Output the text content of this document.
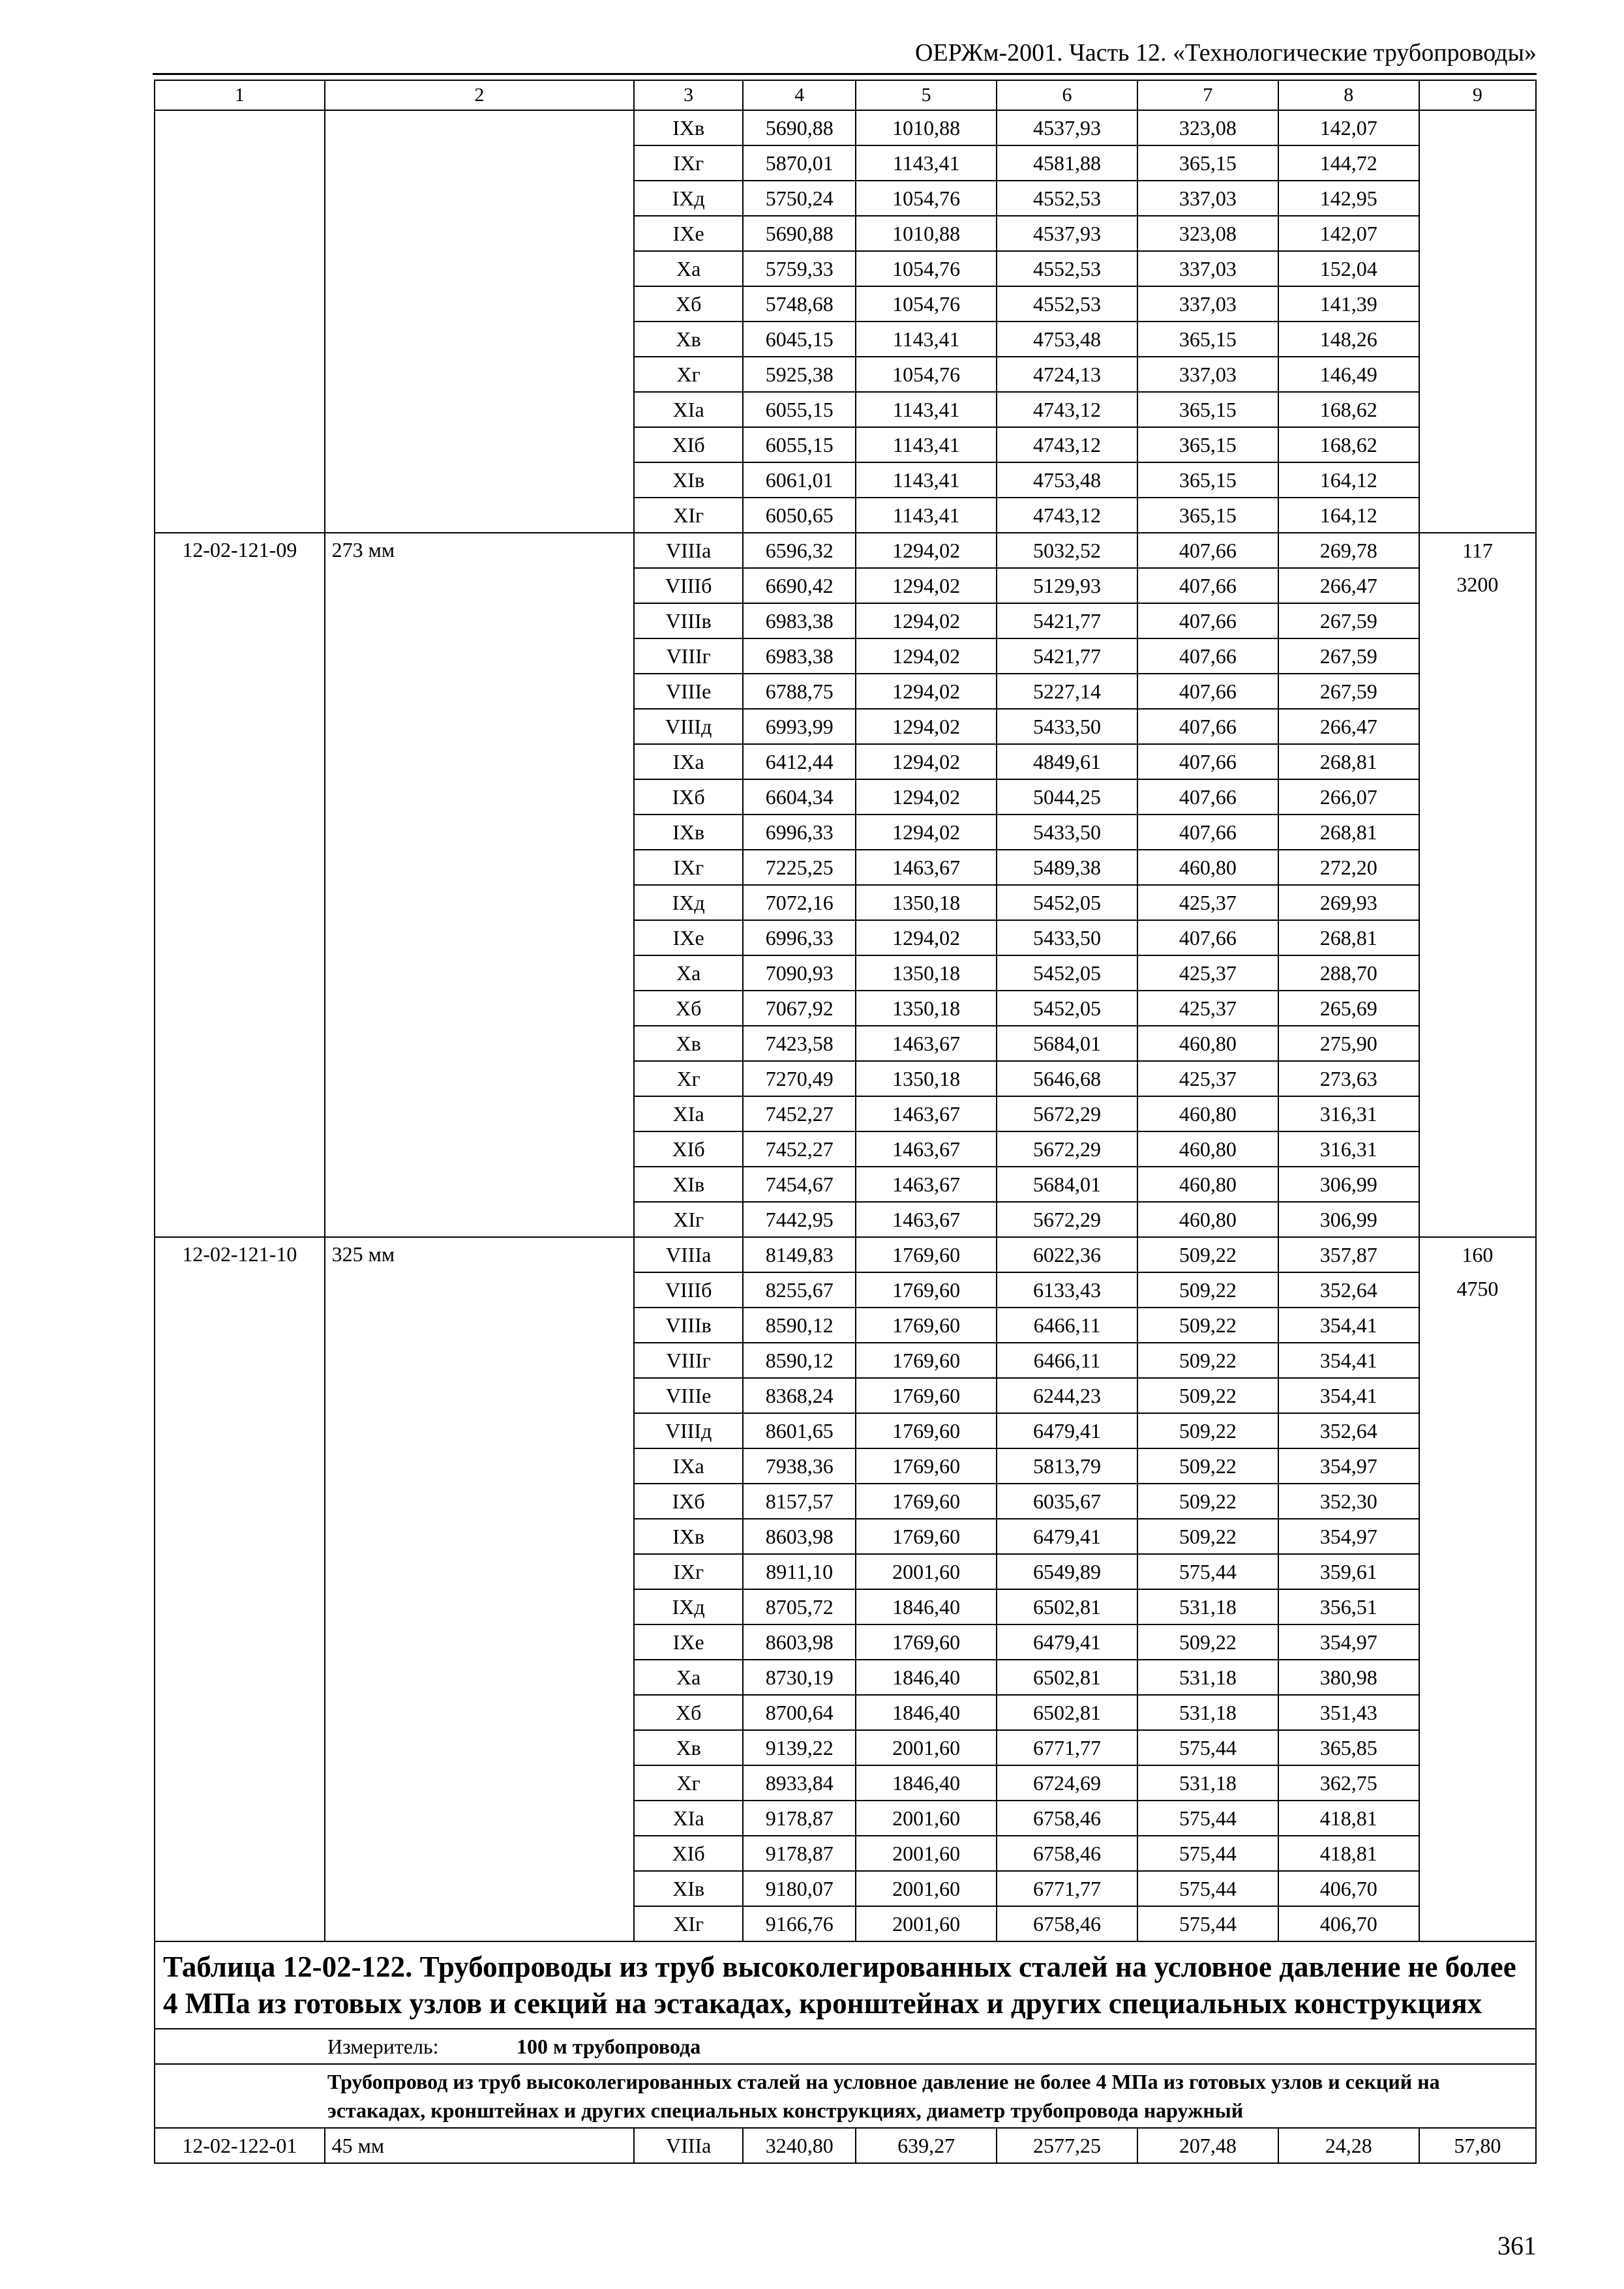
ОЕРЖм-2001. Часть 12. «Технологические трубопроводы»
1	2	3	4	5	6	7	8	9
		IXв	5690,88	1010,88	4537,93	323,08	142,07	
		IXг	5870,01	1143,41	4581,88	365,15	144,72	
		IXд	5750,24	1054,76	4552,53	337,03	142,95	
		IXе	5690,88	1010,88	4537,93	323,08	142,07	
		Xа	5759,33	1054,76	4552,53	337,03	152,04	
		Xб	5748,68	1054,76	4552,53	337,03	141,39	
		Xв	6045,15	1143,41	4753,48	365,15	148,26	
		Xг	5925,38	1054,76	4724,13	337,03	146,49	
		XIа	6055,15	1143,41	4743,12	365,15	168,62	
		XIб	6055,15	1143,41	4743,12	365,15	168,62	
		XIв	6061,01	1143,41	4753,48	365,15	164,12	
		XIг	6050,65	1143,41	4743,12	365,15	164,12	
12-02-121-09	273 мм	VIIIа	6596,32	1294,02	5032,52	407,66	269,78	117
3200

		VIIIб	6690,42	1294,02	5129,93	407,66	266,47	
		VIIIв	6983,38	1294,02	5421,77	407,66	267,59	
		VIIIг	6983,38	1294,02	5421,77	407,66	267,59	
		VIIIе	6788,75	1294,02	5227,14	407,66	267,59	
		VIIIд	6993,99	1294,02	5433,50	407,66	266,47	
		IXа	6412,44	1294,02	4849,61	407,66	268,81	
		IXб	6604,34	1294,02	5044,25	407,66	266,07	
		IXв	6996,33	1294,02	5433,50	407,66	268,81	
		IXг	7225,25	1463,67	5489,38	460,80	272,20	
		IXд	7072,16	1350,18	5452,05	425,37	269,93	
		IXе	6996,33	1294,02	5433,50	407,66	268,81	
		Xа	7090,93	1350,18	5452,05	425,37	288,70	
		Xб	7067,92	1350,18	5452,05	425,37	265,69	
		Xв	7423,58	1463,67	5684,01	460,80	275,90	
		Xг	7270,49	1350,18	5646,68	425,37	273,63	
		XIа	7452,27	1463,67	5672,29	460,80	316,31	
		XIб	7452,27	1463,67	5672,29	460,80	316,31	
		XIв	7454,67	1463,67	5684,01	460,80	306,99	
		XIг	7442,95	1463,67	5672,29	460,80	306,99	
12-02-121-10	325 мм	VIIIа	8149,83	1769,60	6022,36	509,22	357,87	160
4750

		VIIIб	8255,67	1769,60	6133,43	509,22	352,64	
		VIIIв	8590,12	1769,60	6466,11	509,22	354,41	
		VIIIг	8590,12	1769,60	6466,11	509,22	354,41	
		VIIIе	8368,24	1769,60	6244,23	509,22	354,41	
		VIIIд	8601,65	1769,60	6479,41	509,22	352,64	
		IXа	7938,36	1769,60	5813,79	509,22	354,97	
		IXб	8157,57	1769,60	6035,67	509,22	352,30	
		IXв	8603,98	1769,60	6479,41	509,22	354,97	
		IXг	8911,10	2001,60	6549,89	575,44	359,61	
		IXд	8705,72	1846,40	6502,81	531,18	356,51	
		IXе	8603,98	1769,60	6479,41	509,22	354,97	
		Xа	8730,19	1846,40	6502,81	531,18	380,98	
		Xб	8700,64	1846,40	6502,81	531,18	351,43	
		Xв	9139,22	2001,60	6771,77	575,44	365,85	
		Xг	8933,84	1846,40	6724,69	531,18	362,75	
		XIа	9178,87	2001,60	6758,46	575,44	418,81	
		XIб	9178,87	2001,60	6758,46	575,44	418,81	
		XIв	9180,07	2001,60	6771,77	575,44	406,70	
		XIг	9166,76	2001,60	6758,46	575,44	406,70	
Таблица 12-02-122. Трубопроводы из труб высоколегированных сталей на условное давление не более 4 МПа из готовых узлов и секций на эстакадах, кронштейнах и других специальных конструкциях								
Измеритель: 100 м трубопровода								
Трубопровод из труб высоколегированных сталей на условное давление не более 4 МПа из готовых узлов и секций на эстакадах, кронштейнах и других специальных конструкциях, диаметр трубопровода наружный								
12-02-122-01	45 мм	VIIIа	3240,80	639,27	2577,25	207,48	24,28	57,80
361
